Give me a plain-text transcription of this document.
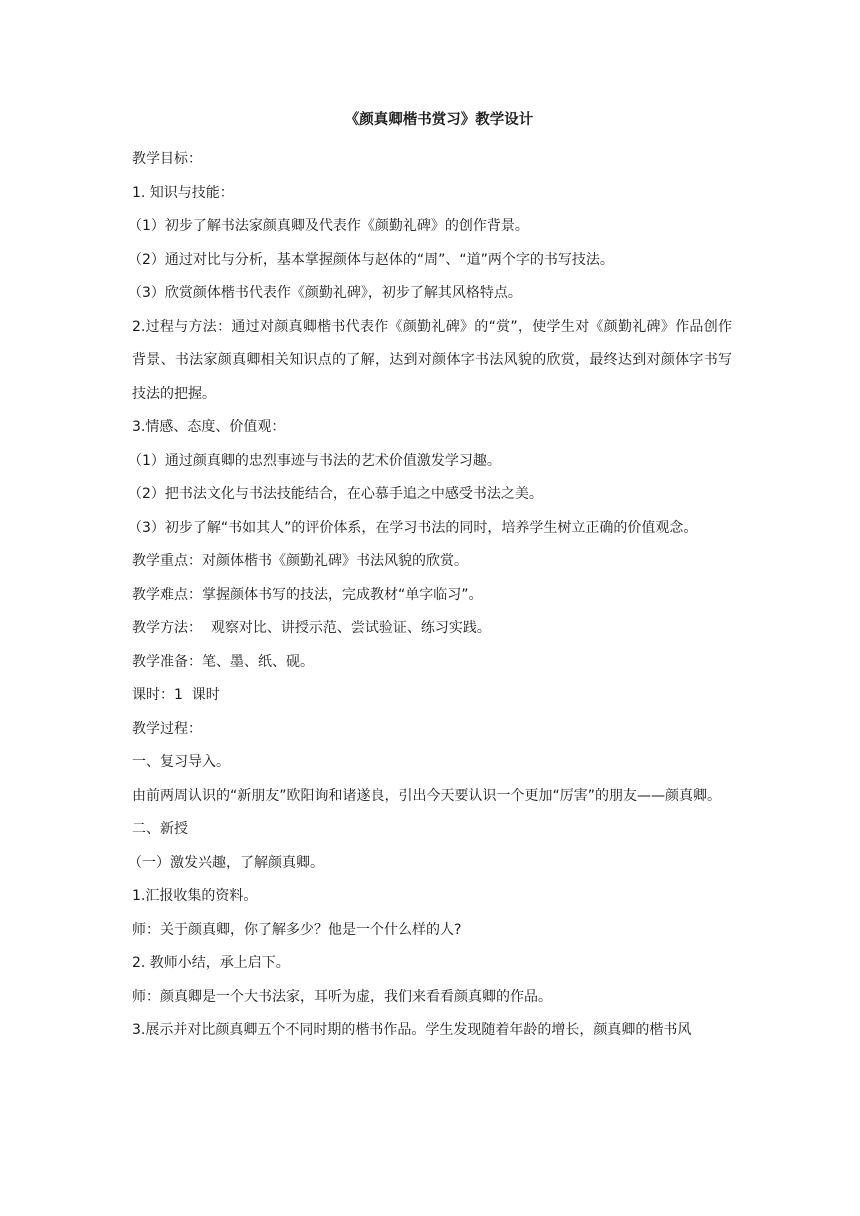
《颜真卿楷书赏习》教学设计

教学目标：

1. 知识与技能：

（1）初步了解书法家颜真卿及代表作《颜勤礼碑》的创作背景。

（2）通过对比与分析，基本掌握颜体与赵体的“周”、“道”两个字的书写技法。

（3）欣赏颜体楷书代表作《颜勤礼碑》，初步了解其风格特点。

2.过程与方法：通过对颜真卿楷书代表作《颜勤礼碑》的“赏”，使学生对《颜勤礼碑》作品创作背景、书法家颜真卿相关知识点的了解，达到对颜体字书法风貌的欣赏，最终达到对颜体字书写技法的把握。

3.情感、态度、价值观：

（1）通过颜真卿的忠烈事迹与书法的艺术价值激发学习趣。

（2）把书法文化与书法技能结合，在心慕手追之中感受书法之美。

（3）初步了解“书如其人”的评价体系，在学习书法的同时，培养学生树立正确的价值观念。

教学重点：对颜体楷书《颜勤礼碑》书法风貌的欣赏。

教学难点：掌握颜体书写的技法，完成教材“单字临习”。

教学方法：  观察对比、讲授示范、尝试验证、练习实践。

教学准备：笔、墨、纸、砚。

课时：1  课时

教学过程：

一、复习导入。

由前两周认识的“新朋友”欧阳询和诸遂良，引出今天要认识一个更加“厉害”的朋友——颜真卿。

二、新授

（一）激发兴趣，了解颜真卿。

1.汇报收集的资料。

师：关于颜真卿，你了解多少？他是一个什么样的人?

2. 教师小结，承上启下。

师：颜真卿是一个大书法家，耳听为虚，我们来看看颜真卿的作品。

3.展示并对比颜真卿五个不同时期的楷书作品。学生发现随着年龄的增长，颜真卿的楷书风
